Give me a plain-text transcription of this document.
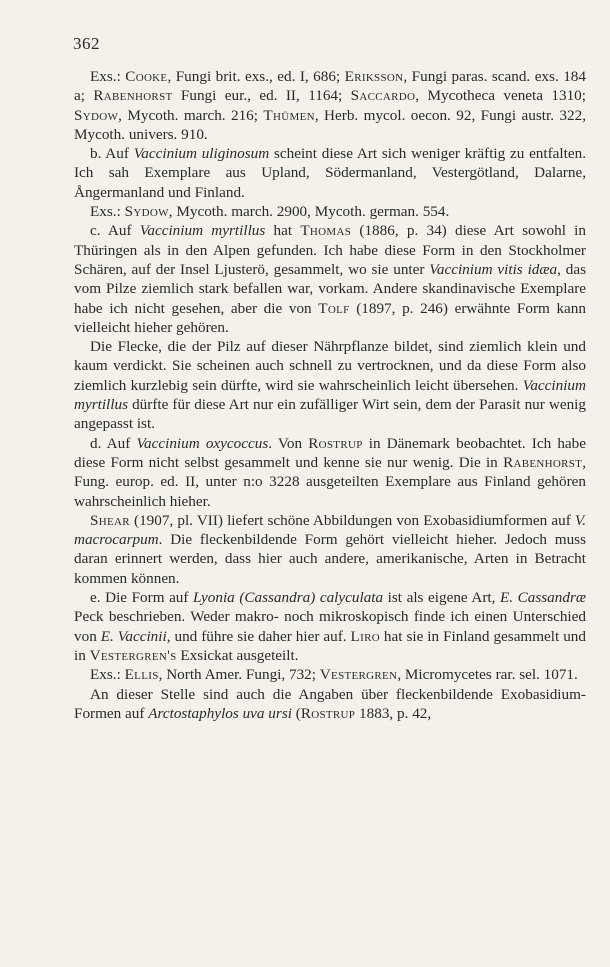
362

Exs.: Cooke, Fungi brit. exs., ed. I, 686; Eriksson, Fungi paras. scand. exs. 184 a; Rabenhorst Fungi eur., ed. II, 1164; Saccardo, Mycotheca veneta 1310; Sydow, Mycoth. march. 216; Thümen, Herb. mycol. oecon. 92, Fungi austr. 322, Mycoth. univers. 910.

b. Auf Vaccinium uliginosum scheint diese Art sich weniger kräftig zu entfalten. Ich sah Exemplare aus Upland, Södermanland, Vestergötland, Dalarne, Ångermanland und Finland.

Exs.: Sydow, Mycoth. march. 2900, Mycoth. german. 554.

c. Auf Vaccinium myrtillus hat Thomas (1886, p. 34) diese Art sowohl in Thüringen als in den Alpen gefunden. Ich habe diese Form in den Stockholmer Schären, auf der Insel Ljusterö, gesammelt, wo sie unter Vaccinium vitis idæa, das vom Pilze ziemlich stark befallen war, vorkam. Andere skandinavische Exemplare habe ich nicht gesehen, aber die von Tolf (1897, p. 246) erwähnte Form kann vielleicht hieher gehören.

Die Flecke, die der Pilz auf dieser Nährpflanze bildet, sind ziemlich klein und kaum verdickt. Sie scheinen auch schnell zu vertrocknen, und da diese Form also ziemlich kurzlebig sein dürfte, wird sie wahrscheinlich leicht übersehen. Vaccinium myrtillus dürfte für diese Art nur ein zufälliger Wirt sein, dem der Parasit nur wenig angepasst ist.

d. Auf Vaccinium oxycoccus. Von Rostrup in Dänemark beobachtet. Ich habe diese Form nicht selbst gesammelt und kenne sie nur wenig. Die in Rabenhorst, Fung. europ. ed. II, unter n:o 3228 ausgeteilten Exemplare aus Finland gehören wahrscheinlich hieher.

Shear (1907, pl. VII) liefert schöne Abbildungen von Exobasidiumformen auf V. macrocarpum. Die fleckenbildende Form gehört vielleicht hieher. Jedoch muss daran erinnert werden, dass hier auch andere, amerikanische, Arten in Betracht kommen können.

e. Die Form auf Lyonia (Cassandra) calyculata ist als eigene Art, E. Cassandræ Peck beschrieben. Weder makro- noch mikroskopisch finde ich einen Unterschied von E. Vaccinii, und führe sie daher hier auf. Liro hat sie in Finland gesammelt und in Vestergren's Exsickat ausgeteilt.

Exs.: Ellis, North Amer. Fungi, 732; Vestergren, Micromycetes rar. sel. 1071.

An dieser Stelle sind auch die Angaben über fleckenbildende Exobasidium-Formen auf Arctostaphylos uva ursi (Rostrup 1883, p. 42,
